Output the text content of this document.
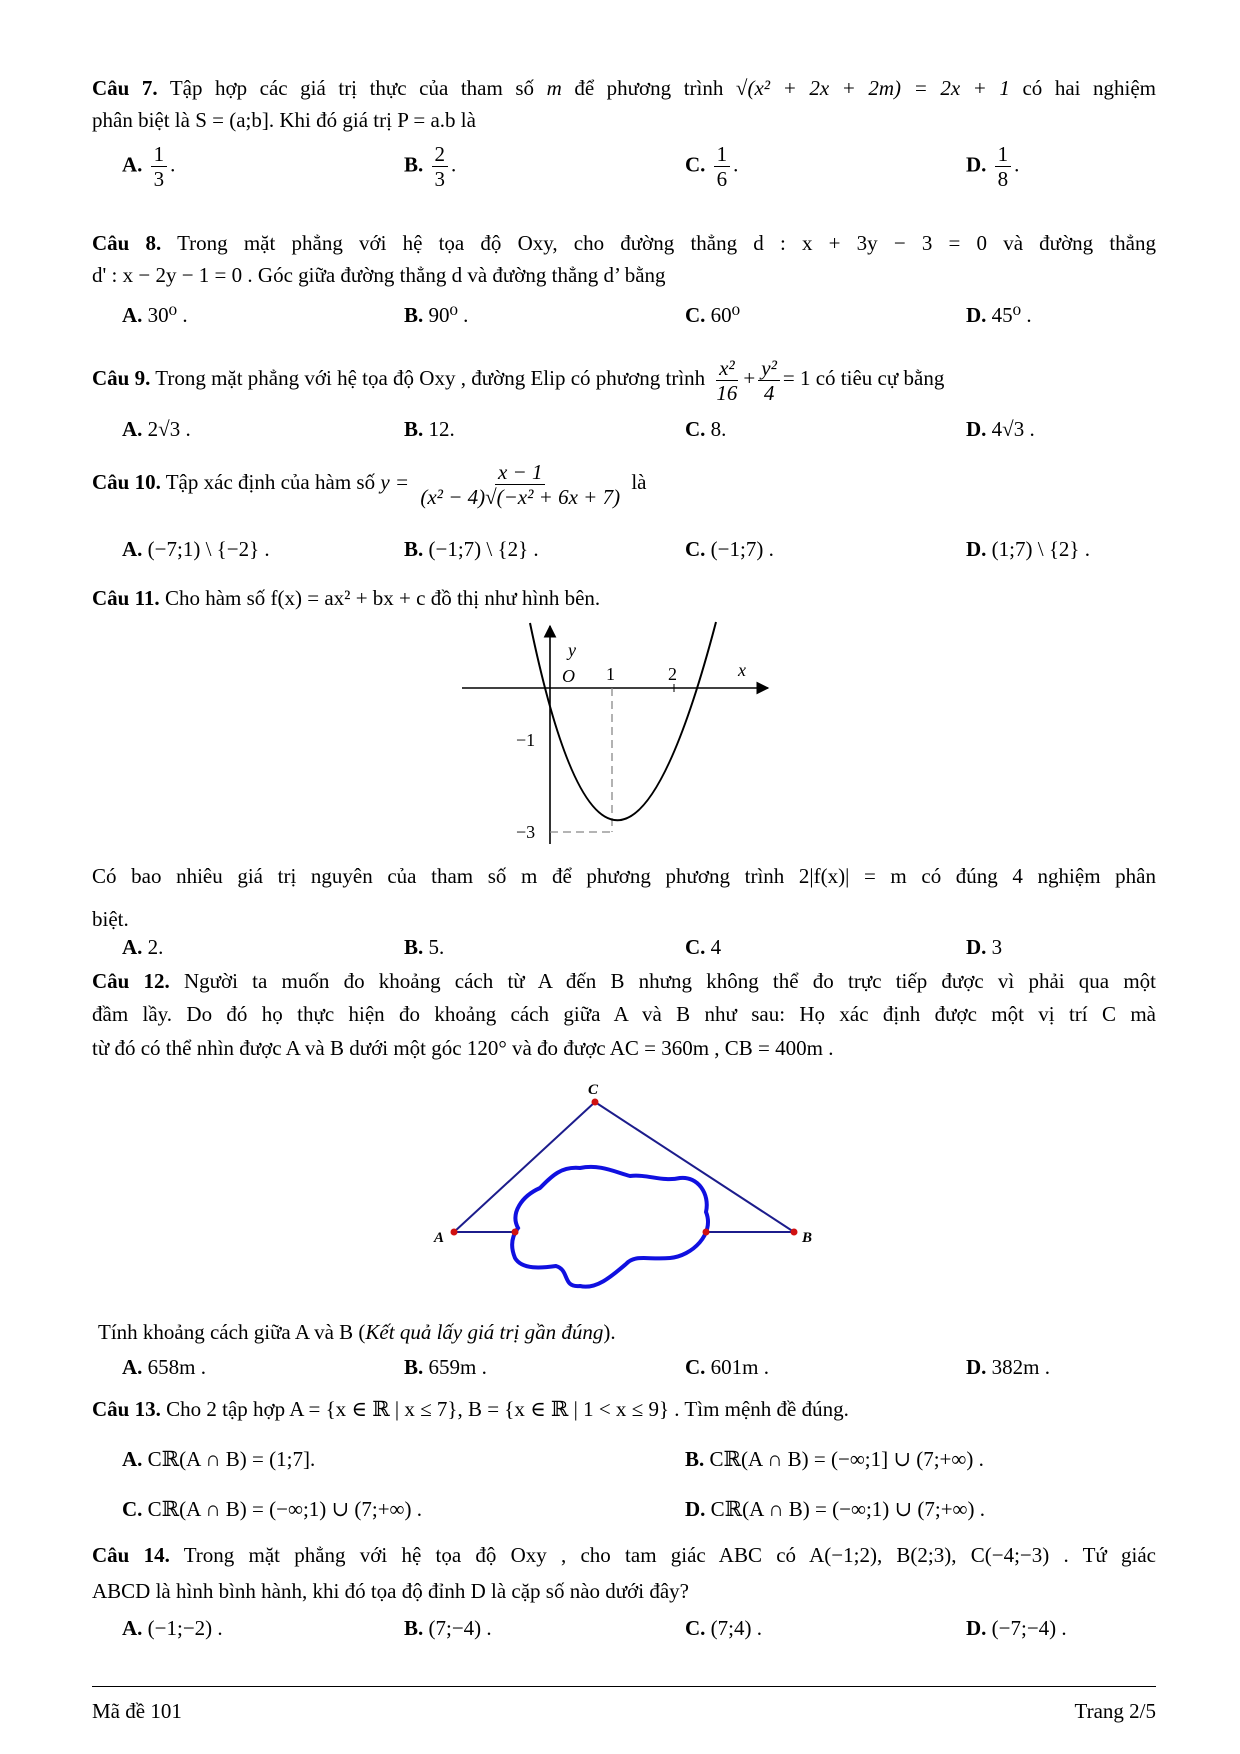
Câu 7. Tập hợp các giá trị thực của tham số m để phương trình √(x² + 2x + 2m) = 2x + 1 có hai nghiệm
phân biệt là S = (a;b]. Khi đó giá trị P = a.b là
A. $\frac{1}{3}$ .	B. $\frac{2}{3}$ .	C. $\frac{1}{6}$ .	D. $\frac{1}{8}$ .
Câu 8. Trong mặt phẳng với hệ tọa độ Oxy, cho đường thẳng d : x + 3y − 3 = 0 và đường thẳng
d' : x − 2y − 1 = 0 . Góc giữa đường thẳng d và đường thẳng d’ bằng
A. 30⁰ .	B. 90⁰ .	C. 60⁰	D. 45⁰ .
Câu 9. Trong mặt phẳng với hệ tọa độ Oxy , đường Elip có phương trình $\frac{\text{x²}}{16} + \frac{\text{y²}}{4} = 1$ có tiêu cự bằng
A. 2√3 .	B. 12.	C. 8.	D. 4√3 .
Câu 10. Tập xác định của hàm số $y = \frac{x - 1}{\text{(x² − 4)√(−x² + 6x + 7)}}$ là
A. (−7;1) \ {−2} .	B. (−1;7) \ {2} .	C. (−1;7) .	D. (1;7) \ {2} .
Câu 11. Cho hàm số f(x) = ax² + bx + c đồ thị như hình bên.
y
x
O 1	2
−1
−3
Có bao nhiêu giá trị nguyên của tham số m để phương phương trình 2|f(x)| = m có đúng 4 nghiệm phân
biệt.
A. 2.	B. 5.	C. 4	D. 3
Câu 12. Người ta muốn đo khoảng cách từ A đến B nhưng không thể đo trực tiếp được vì phải qua một
đầm lầy. Do đó họ thực hiện đo khoảng cách giữa A và B như sau: Họ xác định được một vị trí C mà
từ đó có thể nhìn được A và B dưới một góc 120° và đo được AC = 360m , CB = 400m .
A	B
C
Tính khoảng cách giữa A và B (Kết quả lấy giá trị gần đúng).
A. 658m .	B. 659m .	C. 601m .	D. 382m .
Câu 13. Cho 2 tập hợp A = {x ∈ ℝ | x ≤ 7}, B = {x ∈ ℝ | 1 < x ≤ 9} . Tìm mệnh đề đúng.
A. Cℝ(A ∩ B) = (1;7].	B. Cℝ(A ∩ B) = (−∞;1] ∪ (7;+∞) .
C. Cℝ(A ∩ B) = (−∞;1) ∪ (7;+∞) .	D. Cℝ(A ∩ B) = (−∞;1) ∪ (7;+∞) .
Câu 14. Trong mặt phẳng với hệ tọa độ Oxy , cho tam giác ABC có A(−1;2), B(2;3), C(−4;−3) . Tứ giác
ABCD là hình bình hành, khi đó tọa độ đỉnh D là cặp số nào dưới đây?
A. (−1;−2) .	B. (7;−4) .	C. (7;4) .	D. (−7;−4) .
Mã đề 101	Trang 2/5
